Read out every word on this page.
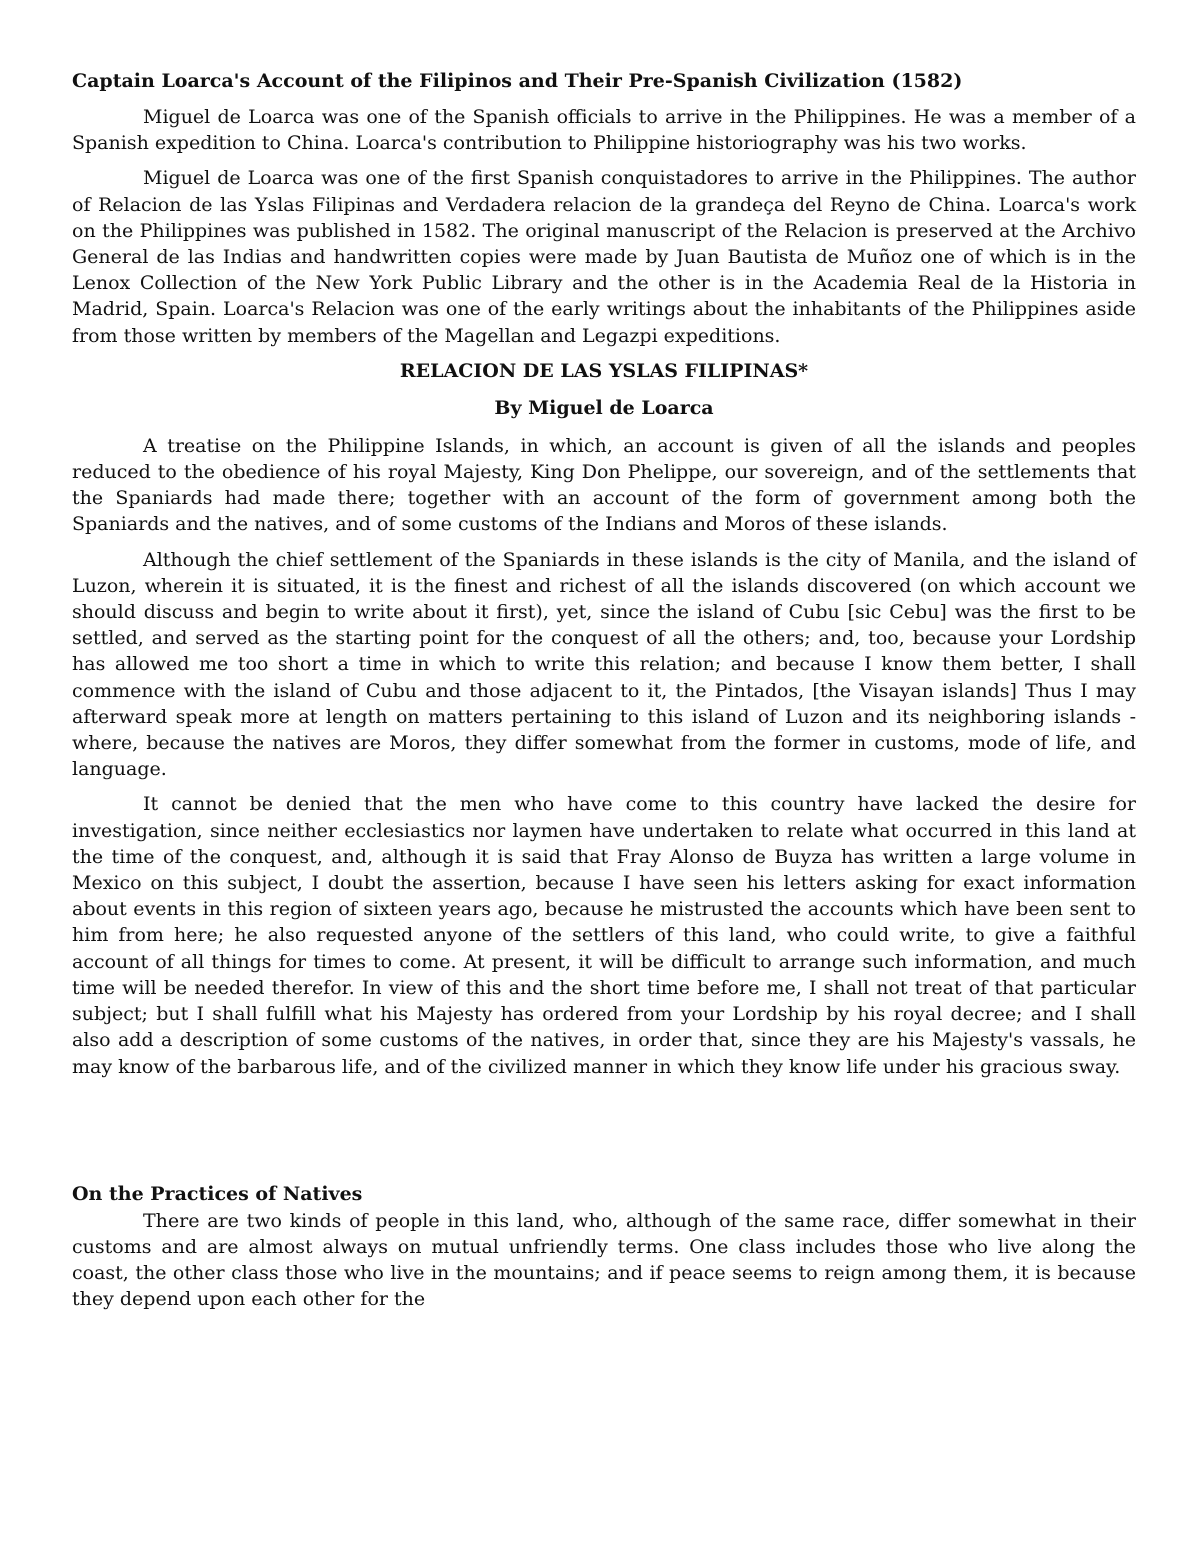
Captain Loarca's Account of the Filipinos and Their Pre-Spanish Civilization (1582)

Miguel de Loarca was one of the Spanish officials to arrive in the Philippines. He was a member of a Spanish expedition to China. Loarca's contribution to Philippine historiography was his two works.

Miguel de Loarca was one of the first Spanish conquistadores to arrive in the Philippines. The author of Relacion de las Yslas Filipinas and Verdadera relacion de la grandeça del Reyno de China. Loarca's work on the Philippines was published in 1582. The original manuscript of the Relacion is preserved at the Archivo General de las Indias and handwritten copies were made by Juan Bautista de Muñoz one of which is in the Lenox Collection of the New York Public Library and the other is in the Academia Real de la Historia in Madrid, Spain. Loarca's Relacion was one of the early writings about the inhabitants of the Philippines aside from those written by members of the Magellan and Legazpi expeditions.

RELACION DE LAS YSLAS FILIPINAS*
By Miguel de Loarca

A treatise on the Philippine Islands, in which, an account is given of all the islands and peoples reduced to the obedience of his royal Majesty, King Don Phelippe, our sovereign, and of the settlements that the Spaniards had made there; together with an account of the form of government among both the Spaniards and the natives, and of some customs of the Indians and Moros of these islands.

Although the chief settlement of the Spaniards in these islands is the city of Manila, and the island of Luzon, wherein it is situated, it is the finest and richest of all the islands discovered (on which account we should discuss and begin to write about it first), yet, since the island of Cubu [sic Cebu] was the first to be settled, and served as the starting point for the conquest of all the others; and, too, because your Lordship has allowed me too short a time in which to write this relation; and because I know them better, I shall commence with the island of Cubu and those adjacent to it, the Pintados, [the Visayan islands] Thus I may afterward speak more at length on matters pertaining to this island of Luzon and its neighboring islands - where, because the natives are Moros, they differ somewhat from the former in customs, mode of life, and language.

It cannot be denied that the men who have come to this country have lacked the desire for investigation, since neither ecclesiastics nor laymen have undertaken to relate what occurred in this land at the time of the conquest, and, although it is said that Fray Alonso de Buyza has written a large volume in Mexico on this subject, I doubt the assertion, because I have seen his letters asking for exact information about events in this region of sixteen years ago, because he mistrusted the accounts which have been sent to him from here; he also requested anyone of the settlers of this land, who could write, to give a faithful account of all things for times to come. At present, it will be difficult to arrange such information, and much time will be needed therefor. In view of this and the short time before me, I shall not treat of that particular subject; but I shall fulfill what his Majesty has ordered from your Lordship by his royal decree; and I shall also add a description of some customs of the natives, in order that, since they are his Majesty's vassals, he may know of the barbarous life, and of the civilized manner in which they know life under his gracious sway.

On the Practices of Natives

There are two kinds of people in this land, who, although of the same race, differ somewhat in their customs and are almost always on mutual unfriendly terms. One class includes those who live along the coast, the other class those who live in the mountains; and if peace seems to reign among them, it is because they depend upon each other for the
